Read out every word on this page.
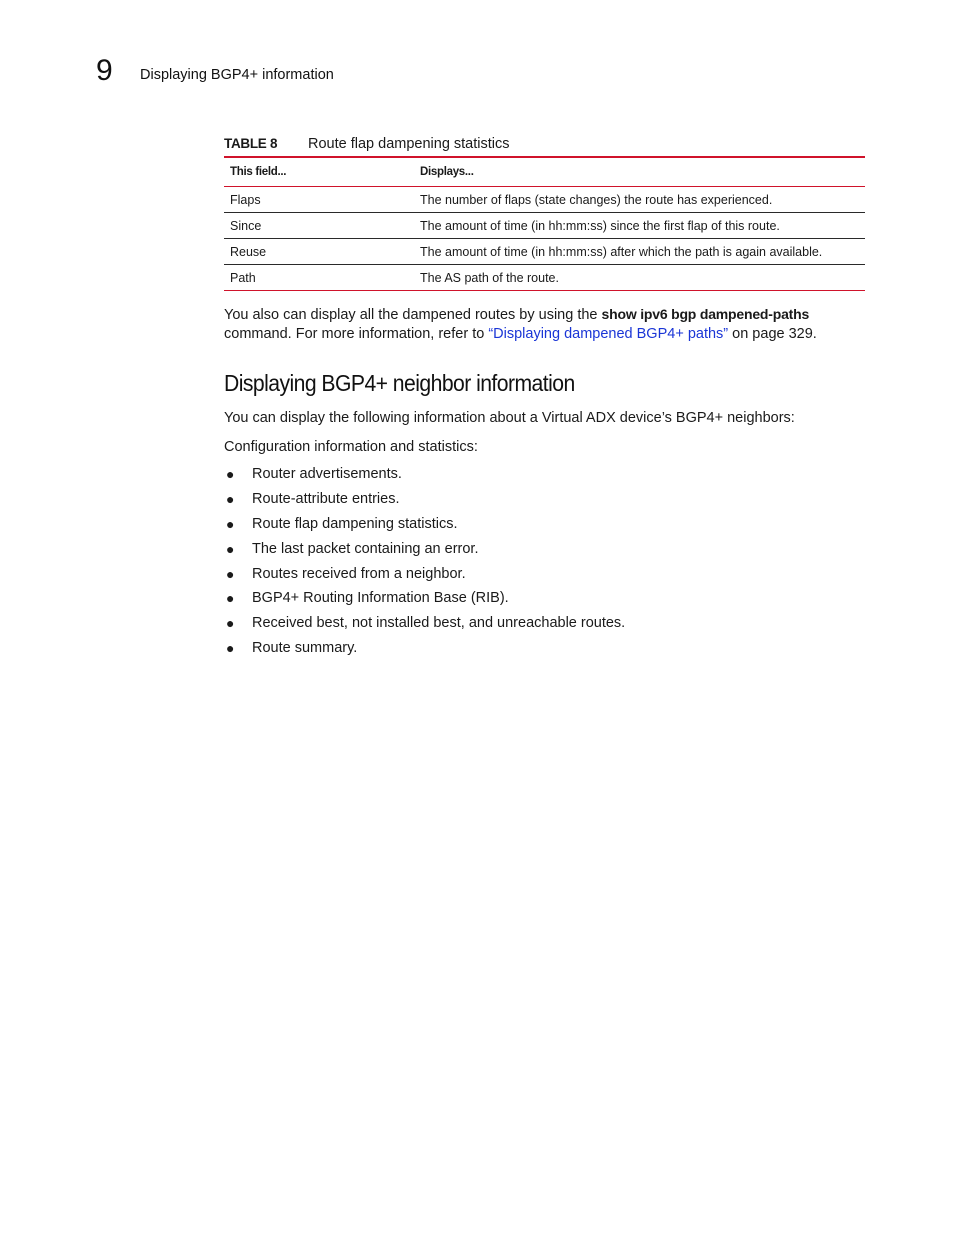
9 Displaying BGP4+ information
TABLE 8 Route flap dampening statistics
This field...	Displays...
Flaps	The number of flaps (state changes) the route has experienced.
Since	The amount of time (in hh:mm:ss) since the first flap of this route.
Reuse	The amount of time (in hh:mm:ss) after which the path is again available.
Path	The AS path of the route.
You also can display all the dampened routes by using the show ipv6 bgp dampened-paths
command. For more information, refer to “Displaying dampened BGP4+ paths” on page 329.
Displaying BGP4+ neighbor information
You can display the following information about a Virtual ADX device’s BGP4+ neighbors:
Configuration information and statistics:
● Router advertisements.
● Route-attribute entries.
● Route flap dampening statistics.
● The last packet containing an error.
● Routes received from a neighbor.
● BGP4+ Routing Information Base (RIB).
● Received best, not installed best, and unreachable routes.
● Route summary.
